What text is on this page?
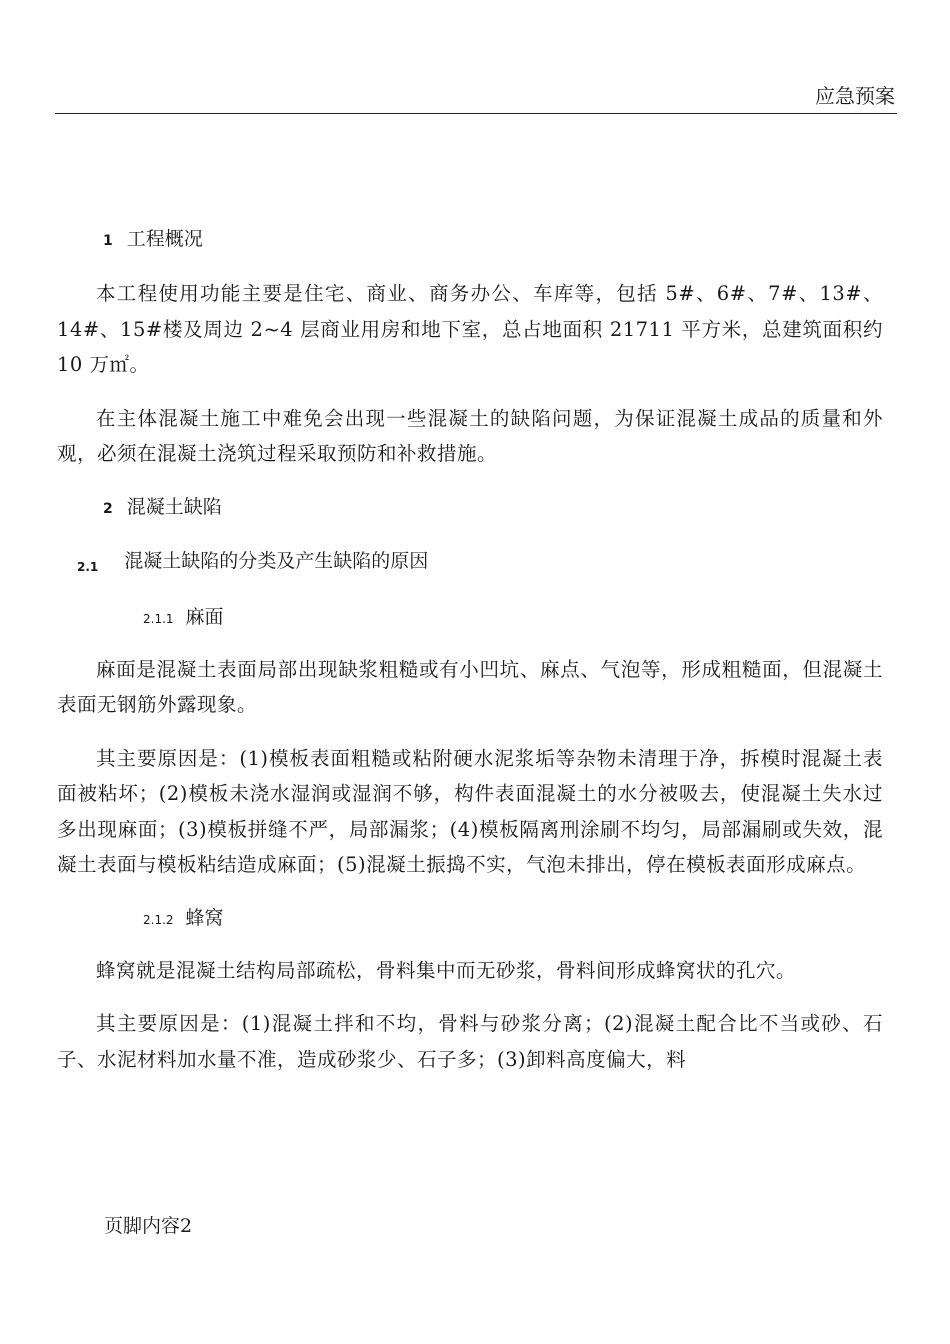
应急预案
1 工程概况

本工程使用功能主要是住宅、商业、商务办公、车库等，包括 5#、6#、7#、13#、14#、15#楼及周边 2~4 层商业用房和地下室，总占地面积 21711 平方米，总建筑面积约 10 万㎡。

在主体混凝土施工中难免会出现一些混凝土的缺陷问题，为保证混凝土成品的质量和外观，必须在混凝土浇筑过程采取预防和补救措施。

2 混凝土缺陷
$_{2.1}$ 混凝土缺陷的分类及产生缺陷的原因
2.1.1 麻面

麻面是混凝土表面局部出现缺浆粗糙或有小凹坑、麻点、气泡等，形成粗糙面，但混凝土表面无钢筋外露现象。

其主要原因是：(1)模板表面粗糙或粘附硬水泥浆垢等杂物未清理于净，拆模时混凝土表面被粘坏；(2)模板未浇水湿润或湿润不够，构件表面混凝土的水分被吸去，使混凝土失水过多出现麻面；(3)模板拼缝不严，局部漏浆；(4)模板隔离刑涂刷不均匀，局部漏刷或失效，混凝土表面与模板粘结造成麻面；(5)混凝土振捣不实，气泡未排出，停在模板表面形成麻点。

2.1.2 蜂窝

蜂窝就是混凝土结构局部疏松，骨料集中而无砂浆，骨料间形成蜂窝状的孔穴。

其主要原因是：(1)混凝土拌和不均，骨料与砂浆分离；(2)混凝土配合比不当或砂、石子、水泥材料加水量不准，造成砂浆少、石子多；(3)卸料高度偏大，料

页脚内容2
